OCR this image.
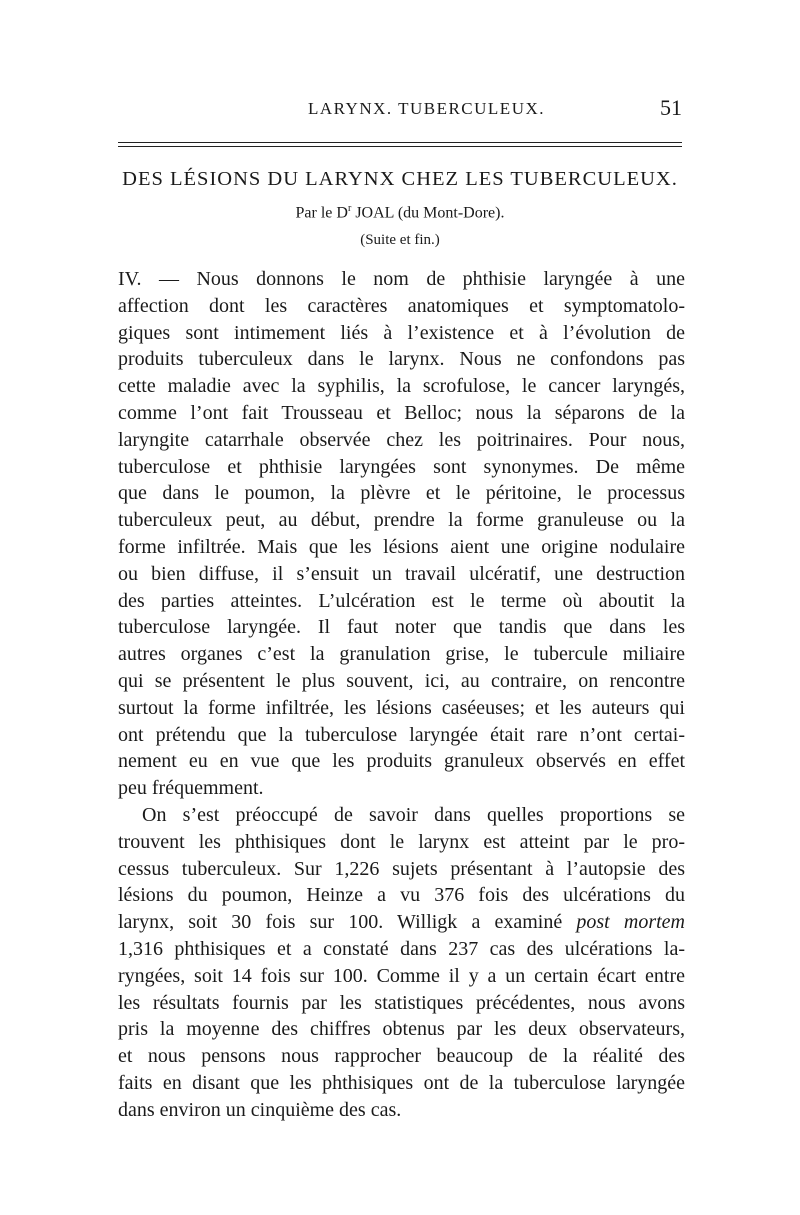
LARYNX. TUBERCULEUX.	51
DES LÉSIONS DU LARYNX CHEZ LES TUBERCULEUX.
Par le $D^r$ JOAL (du Mont-Dore).
(Suite et fin.)
IV. — Nous donnons le nom de phthisie laryngée à une
affection dont les caractères anatomiques et symptomatolo-
giques sont intimement liés à l’existence et à l’évolution de
produits tuberculeux dans le larynx. Nous ne confondons pas
cette maladie avec la syphilis, la scrofulose, le cancer laryngés,
comme l’ont fait Trousseau et Belloc; nous la séparons de la
laryngite catarrhale observée chez les poitrinaires. Pour nous,
tuberculose et phthisie laryngées sont synonymes. De même
que dans le poumon, la plèvre et le péritoine, le processus
tuberculeux peut, au début, prendre la forme granuleuse ou la
forme infiltrée. Mais que les lésions aient une origine nodulaire
ou bien diffuse, il s’ensuit un travail ulcératif, une destruction
des parties atteintes. L’ulcération est le terme où aboutit la
tuberculose laryngée. Il faut noter que tandis que dans les
autres organes c’est la granulation grise, le tubercule miliaire
qui se présentent le plus souvent, ici, au contraire, on rencontre
surtout la forme infiltrée, les lésions caséeuses; et les auteurs qui
ont prétendu que la tuberculose laryngée était rare n’ont certai-
nement eu en vue que les produits granuleux observés en effet
peu fréquemment.
On s’est préoccupé de savoir dans quelles proportions se
trouvent les phthisiques dont le larynx est atteint par le pro-
cessus tuberculeux. Sur 1,226 sujets présentant à l’autopsie des
lésions du poumon, Heinze a vu 376 fois des ulcérations du
larynx, soit 30 fois sur 100. Willigk a examiné post mortem
1,316 phthisiques et a constaté dans 237 cas des ulcérations la-
ryngées, soit 14 fois sur 100. Comme il y a un certain écart entre
les résultats fournis par les statistiques précédentes, nous avons
pris la moyenne des chiffres obtenus par les deux observateurs,
et nous pensons nous rapprocher beaucoup de la réalité des
faits en disant que les phthisiques ont de la tuberculose laryngée
dans environ un cinquième des cas.
